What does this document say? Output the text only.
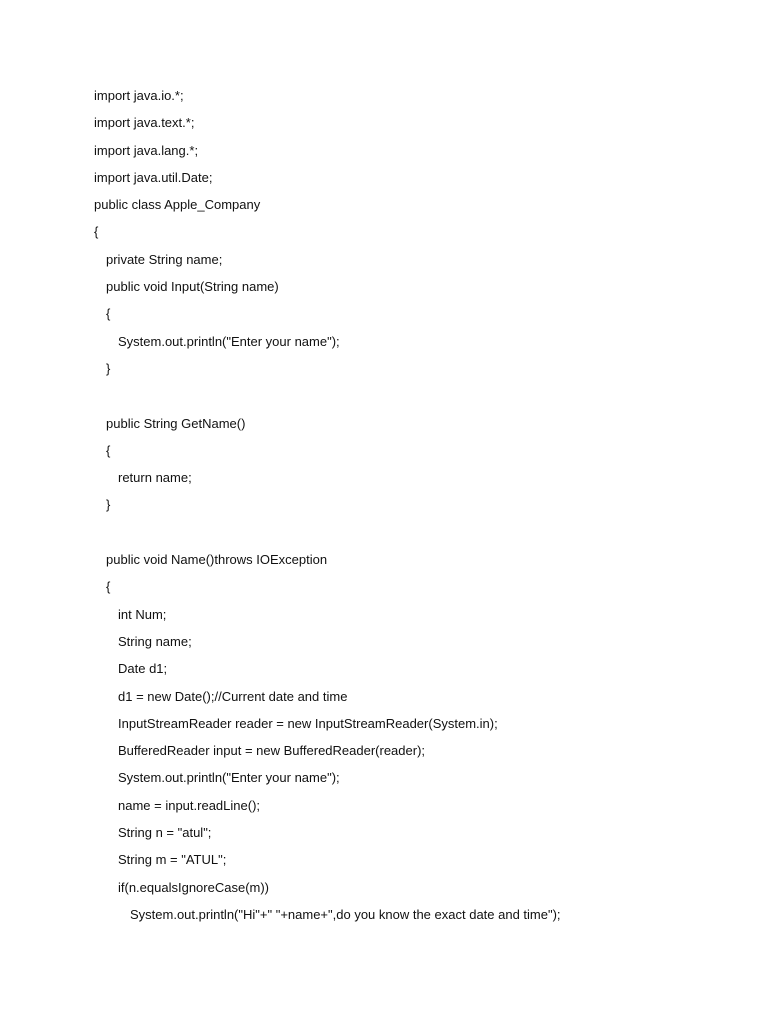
import java.io.*;
import java.text.*;
import java.lang.*;
import java.util.Date;
public class Apple_Company
{
private String name;
public void Input(String name)
{
System.out.println("Enter your name");
}
public String GetName()
{
return name;
}
public void Name()throws IOException
{
int Num;
String name;
Date d1;
d1 = new Date();//Current date and time
InputStreamReader reader = new InputStreamReader(System.in);
BufferedReader input = new BufferedReader(reader);
System.out.println("Enter your name");
name = input.readLine();
String n = "atul";
String m = "ATUL";
if(n.equalsIgnoreCase(m))
System.out.println("Hi"+" "+name+",do you know the exact date and time");
